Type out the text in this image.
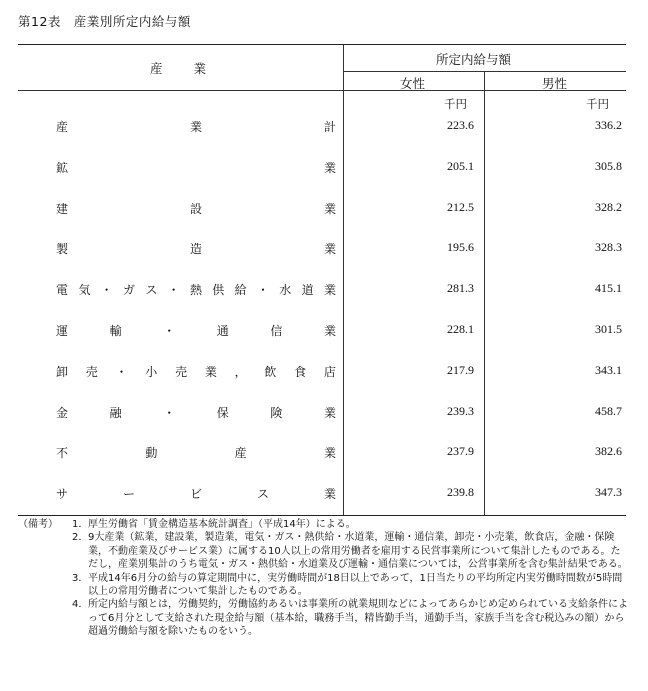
第12表　産業別所定内給与額
産　　業
所定内給与額
女性	男性
千円	千円
産	業	計	223.6	336.2
鉱	業	205.1	305.8
建	設	業	212.5	328.2
製	造	業	195.6	328.3
電 気 ・ ガ ス ・ 熱 供 給 ・ 水 道 業	281.3	415.1
運	輸	・	通	信	業	228.1	301.5
卸 売 ・ 小 売 業 ， 飲 食 店	217.9	343.1
金	融	・	保	険	業	239.3	458.7
不	動	産	業	237.9	382.6
サ	ー	ビ	ス	業	239.8	347.3
（備考） 1． 厚生労働省「賃金構造基本統計調査」（平成14年）による。
2． 9大産業（鉱業，建設業，製造業，電気・ガス・熱供給・水道業，運輸・通信業，卸売・小売業，飲食店，金融・保険業，不動産業及びサービス業）に属する10人以上の常用労働者を雇用する民営事業所について集計したものである。ただし，産業別集計のうち電気・ガス・熱供給・水道業及び運輸・通信業については，公営事業所を含む集計結果である。
3． 平成14年6月分の給与の算定期間中に，実労働時間が18日以上であって，1日当たりの平均所定内実労働時間数が5時間以上の常用労働者について集計したものである。
4． 所定内給与額とは，労働契約，労働協約あるいは事業所の就業規則などによってあらかじめ定められている支給条件によって6月分として支給された現金給与額（基本給，職務手当，精皆勤手当，通勤手当，家族手当を含む税込みの額）から超過労働給与額を除いたものをいう。
